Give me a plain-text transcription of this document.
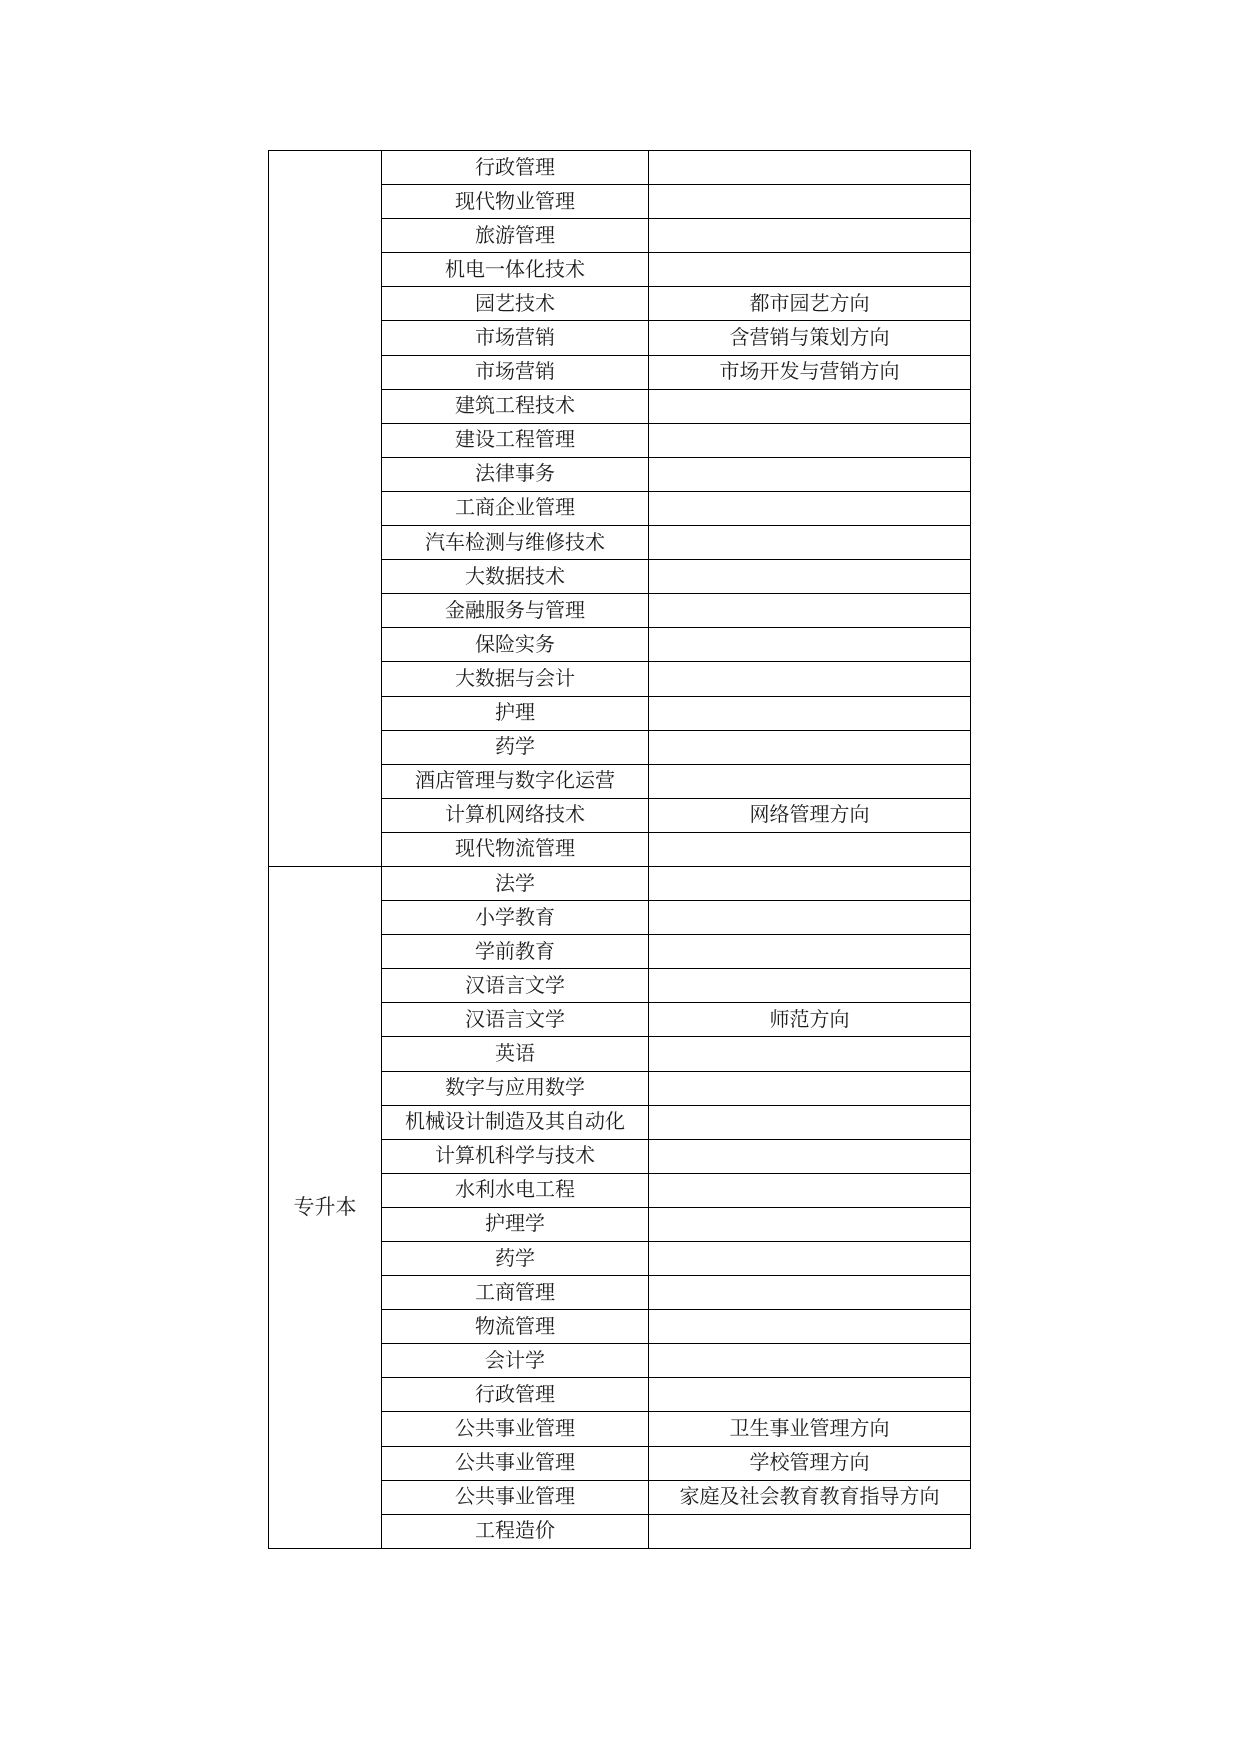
	行政管理	
	现代物业管理	
	旅游管理	
	机电一体化技术	
	园艺技术	都市园艺方向
	市场营销	含营销与策划方向
	市场营销	市场开发与营销方向
	建筑工程技术	
	建设工程管理	
	法律事务	
	工商企业管理	
	汽车检测与维修技术	
	大数据技术	
	金融服务与管理	
	保险实务	
	大数据与会计	
	护理	
	药学	
	酒店管理与数字化运营	
	计算机网络技术	网络管理方向
	现代物流管理	
专升本	法学	
	小学教育	
	学前教育	
	汉语言文学	
	汉语言文学	师范方向
	英语	
	数字与应用数学	
	机械设计制造及其自动化	
	计算机科学与技术	
	水利水电工程	
	护理学	
	药学	
	工商管理	
	物流管理	
	会计学	
	行政管理	
	公共事业管理	卫生事业管理方向
	公共事业管理	学校管理方向
	公共事业管理	家庭及社会教育教育指导方向
	工程造价	
